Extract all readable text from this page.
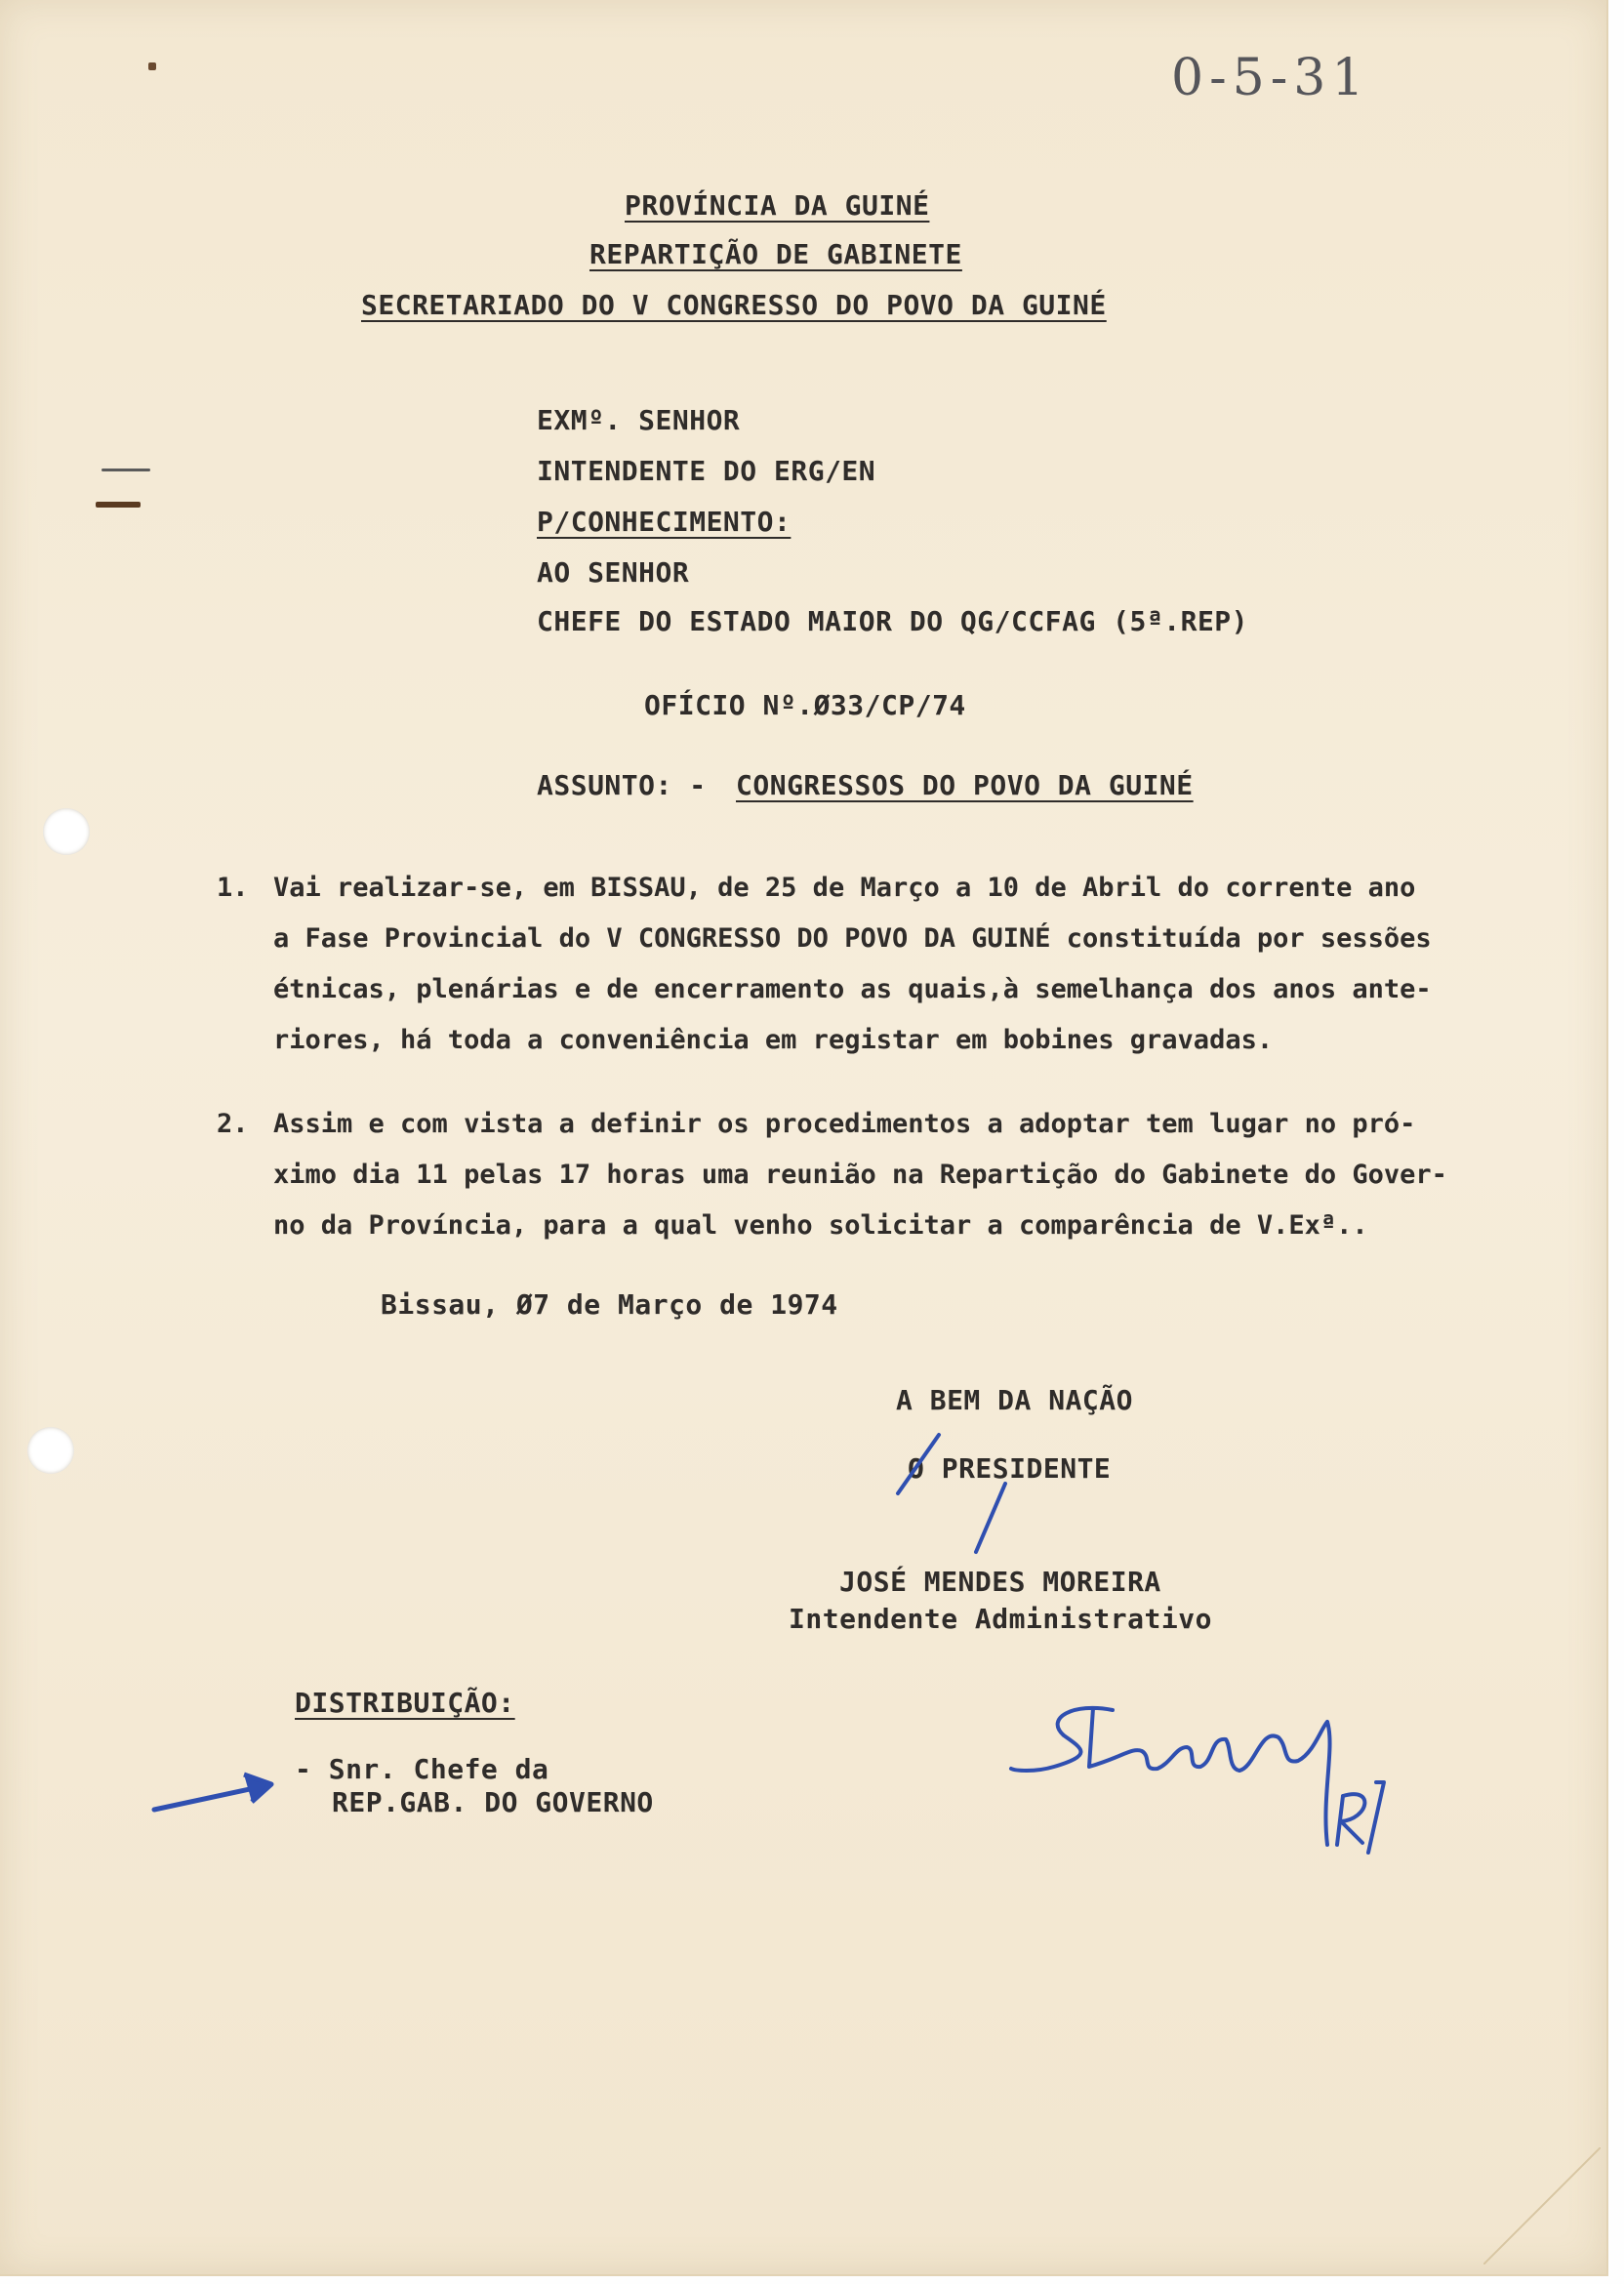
0-5-31
PROVÍNCIA DA GUINÉ
REPARTIÇÃO DE GABINETE
SECRETARIADO DO V CONGRESSO DO POVO DA GUINÉ
EXMº. SENHOR
INTENDENTE DO ERG/EN
P/CONHECIMENTO:
AO SENHOR
CHEFE DO ESTADO MAIOR DO QG/CCFAG (5ª.REP)
OFÍCIO Nº.Ø33/CP/74
ASSUNTO: - CONGRESSOS DO POVO DA GUINÉ
1. Vai realizar-se, em BISSAU, de 25 de Março a 10 de Abril do corrente ano
a Fase Provincial do V CONGRESSO DO POVO DA GUINÉ constituída por sessões
étnicas, plenárias e de encerramento as quais,à semelhança dos anos ante-
riores, há toda a conveniência em registar em bobines gravadas.
2. Assim e com vista a definir os procedimentos a adoptar tem lugar no pró-
ximo dia 11 pelas 17 horas uma reunião na Repartição do Gabinete do Gover-
no da Província, para a qual venho solicitar a comparência de V.Exª..
Bissau, Ø7 de Março de 1974
A BEM DA NAÇÃO
O PRESIDENTE
JOSÉ MENDES MOREIRA
Intendente Administrativo
DISTRIBUIÇÃO:
- Snr. Chefe da
REP.GAB. DO GOVERNO
